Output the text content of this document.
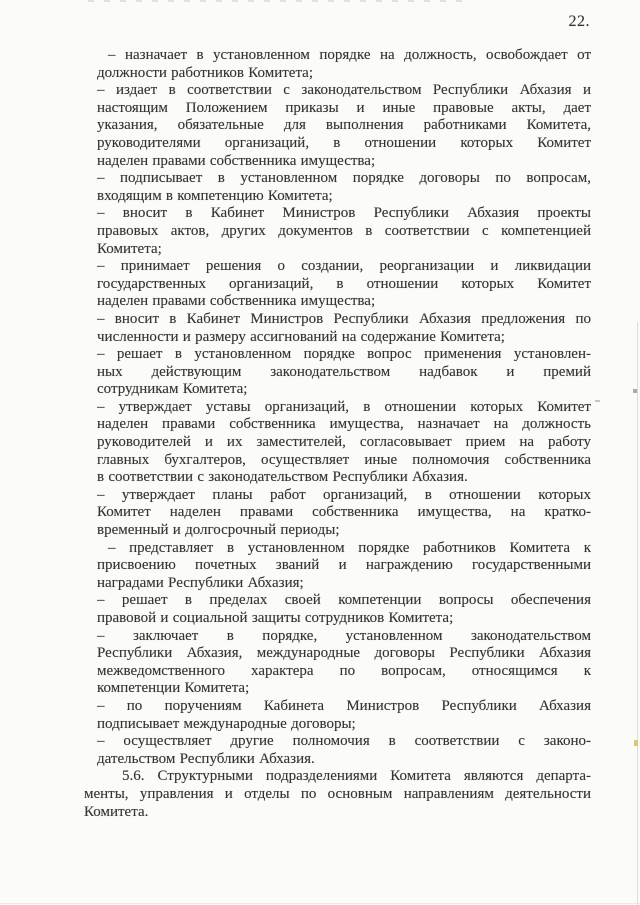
22.
– назначает в установленном порядке на должность, освобождает от
должности работников Комитета;
– издает в соответствии с законодательством Республики Абхазия и
настоящим Положением приказы и иные правовые акты, дает
указания, обязательные для выполнения работниками Комитета,
руководителями организаций, в отношении которых Комитет
наделен правами собственника имущества;
– подписывает в установленном порядке договоры по вопросам,
входящим в компетенцию Комитета;
– вносит в Кабинет Министров Республики Абхазия проекты
правовых актов, других документов в соответствии с компетенцией
Комитета;
– принимает решения о создании, реорганизации и ликвидации
государственных организаций, в отношении которых Комитет
наделен правами собственника имущества;
– вносит в Кабинет Министров Республики Абхазия предложения по
численности и размеру ассигнований на содержание Комитета;
– решает в установленном порядке вопрос применения установлен-
ных действующим законодательством надбавок и премий
сотрудникам Комитета;
– утверждает уставы организаций, в отношении которых Комитет
наделен правами собственника имущества, назначает на должность
руководителей и их заместителей, согласовывает прием на работу
главных бухгалтеров, осуществляет иные полномочия собственника
в соответствии с законодательством Республики Абхазия.
– утверждает планы работ организаций, в отношении которых
Комитет наделен правами собственника имущества, на кратко-
временный и долгосрочный периоды;
– представляет в установленном порядке работников Комитета к
присвоению почетных званий и награждению государственными
наградами Республики Абхазия;
– решает в пределах своей компетенции вопросы обеспечения
правовой и социальной защиты сотрудников Комитета;
– заключает в порядке, установленном законодательством
Республики Абхазия, международные договоры Республики Абхазия
межведомственного характера по вопросам, относящимся к
компетенции Комитета;
– по поручениям Кабинета Министров Республики Абхазия
подписывает международные договоры;
– осуществляет другие полномочия в соответствии с законо-
дательством Республики Абхазия.
5.6. Структурными подразделениями Комитета являются департа-
менты, управления и отделы по основным направлениям деятельности
Комитета.
